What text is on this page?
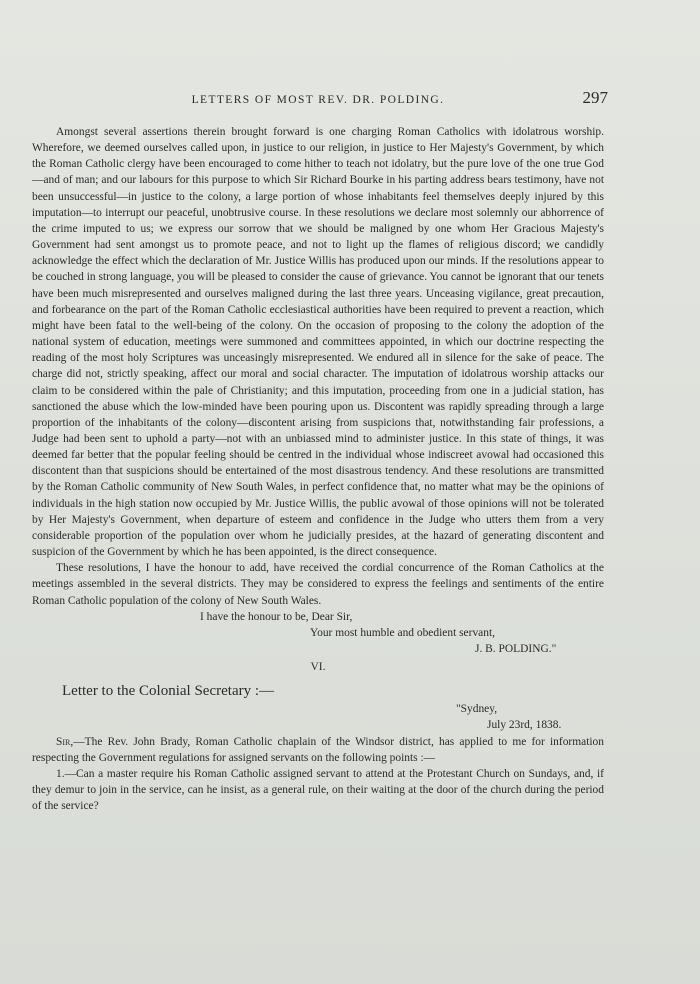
LETTERS OF MOST REV. DR. POLDING.	297

Amongst several assertions therein brought forward is one charging Roman Catholics with idolatrous worship. Wherefore, we deemed ourselves called upon, in justice to our religion, in justice to Her Majesty's Government, by which the Roman Catholic clergy have been encouraged to come hither to teach not idolatry, but the pure love of the one true God—and of man; and our labours for this purpose to which Sir Richard Bourke in his parting address bears testimony, have not been unsuccessful—in justice to the colony, a large portion of whose inhabitants feel themselves deeply injured by this imputation—to interrupt our peaceful, unobtrusive course. In these resolutions we declare most solemnly our abhorrence of the crime imputed to us; we express our sorrow that we should be maligned by one whom Her Gracious Majesty's Government had sent amongst us to promote peace, and not to light up the flames of religious discord; we candidly acknowledge the effect which the declaration of Mr. Justice Willis has produced upon our minds. If the resolutions appear to be couched in strong language, you will be pleased to consider the cause of grievance. You cannot be ignorant that our tenets have been much misrepresented and ourselves maligned during the last three years. Unceasing vigilance, great precaution, and forbearance on the part of the Roman Catholic ecclesiastical authorities have been required to prevent a reaction, which might have been fatal to the well-being of the colony. On the occasion of proposing to the colony the adoption of the national system of education, meetings were summoned and committees appointed, in which our doctrine respecting the reading of the most holy Scriptures was unceasingly misrepresented. We endured all in silence for the sake of peace. The charge did not, strictly speaking, affect our moral and social character. The imputation of idolatrous worship attacks our claim to be considered within the pale of Christianity; and this imputation, proceeding from one in a judicial station, has sanctioned the abuse which the low-minded have been pouring upon us. Discontent was rapidly spreading through a large proportion of the inhabitants of the colony—discontent arising from suspicions that, notwithstanding fair professions, a Judge had been sent to uphold a party—not with an unbiassed mind to administer justice. In this state of things, it was deemed far better that the popular feeling should be centred in the individual whose indiscreet avowal had occasioned this discontent than that suspicions should be entertained of the most disastrous tendency. And these resolutions are transmitted by the Roman Catholic community of New South Wales, in perfect confidence that, no matter what may be the opinions of individuals in the high station now occupied by Mr. Justice Willis, the public avowal of those opinions will not be tolerated by Her Majesty's Government, when departure of esteem and confidence in the Judge who utters them from a very considerable proportion of the population over whom he judicially presides, at the hazard of generating discontent and suspicion of the Government by which he has been appointed, is the direct consequence.

These resolutions, I have the honour to add, have received the cordial concurrence of the Roman Catholics at the meetings assembled in the several districts. They may be considered to express the feelings and sentiments of the entire Roman Catholic population of the colony of New South Wales.

I have the honour to be, Dear Sir,
Your most humble and obedient servant,
J. B. POLDING."
VI.
Letter to the Colonial Secretary :—
"Sydney,
July 23rd, 1838.

Sir,—The Rev. John Brady, Roman Catholic chaplain of the Windsor district, has applied to me for information respecting the Government regulations for assigned servants on the following points :—

1.—Can a master require his Roman Catholic assigned servant to attend at the Protestant Church on Sundays, and, if they demur to join in the service, can he insist, as a general rule, on their waiting at the door of the church during the period of the service?
